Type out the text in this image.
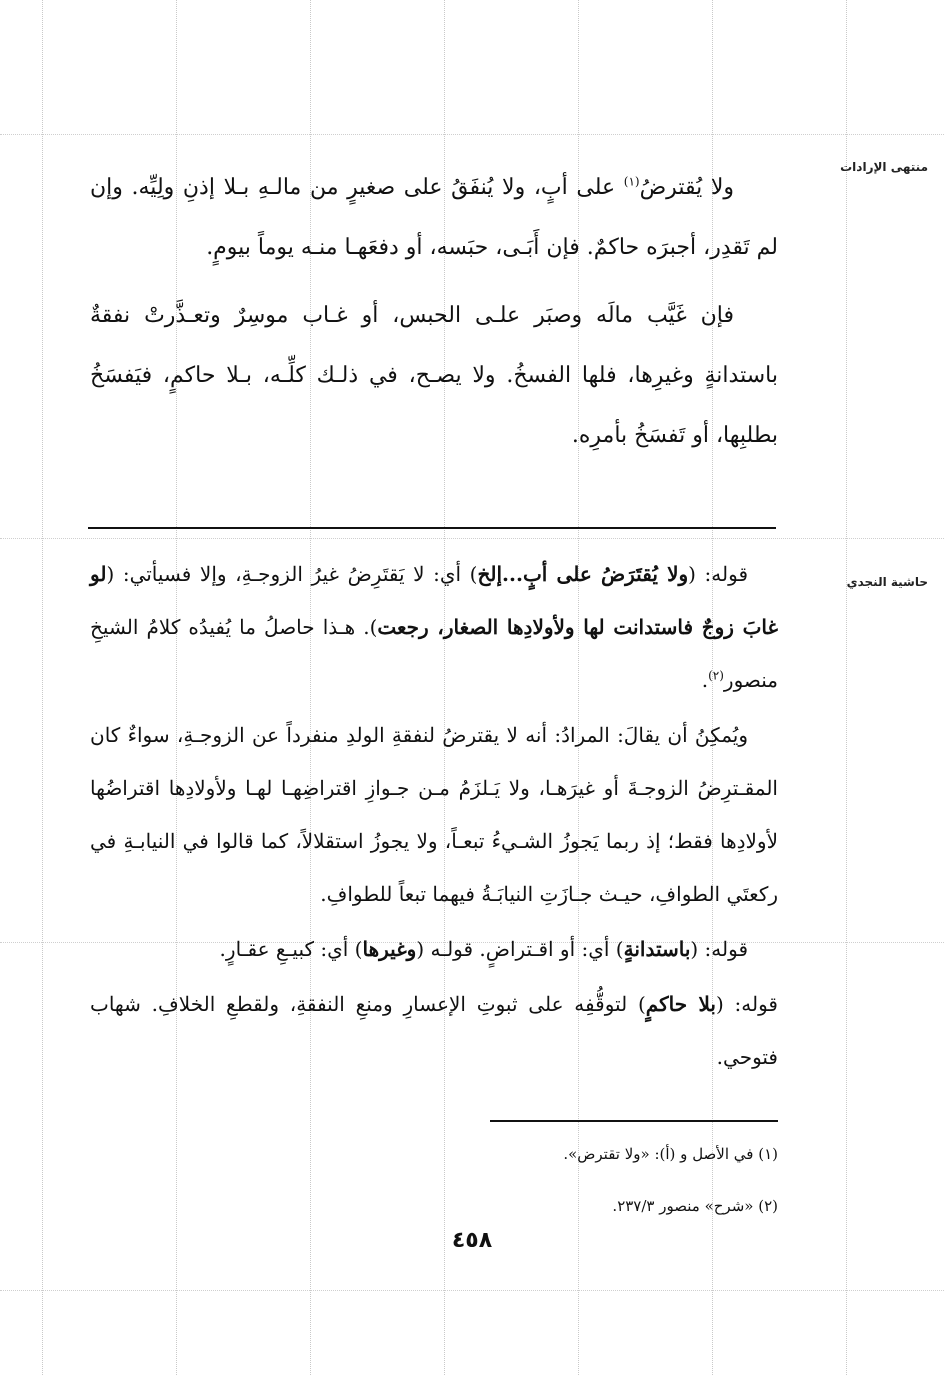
منتهى الإرادات
حاشية النجدي

ولا يُقترضُ$^{(١)}$ على أبٍ، ولا يُنفَقُ على صغيرٍ من مالـهِ بـلا إذنِ ولِيِّه. وإن لم تَقدِر، أجبرَه حاكمٌ. فإن أَبَـى، حبَسه، أو دفعَهـا منـه يوماً بيومٍ.

فإن غَيَّب مالَه وصبَر علـى الحبس، أو غـاب موسِرٌ وتعـذَّرتْ نفقةٌ باستدانةٍ وغيرِها، فلها الفسخُ. ولا يصـح، في ذلـك كلِّـه، بـلا حاكمٍ، فيَفسَخُ بطلبِها، أو تَفسَخُ بأمرِه.

قوله: (ولا يُقتَرَضُ على أبٍ...إلخ) أي: لا يَقتَرِضُ غيرُ الزوجـةِ، وإلا فسيأتي: (لو غابَ زوجٌ فاستدانت لها ولأولادِها الصغار، رجعت). هـذا حاصلُ ما يُفيدُه كلامُ الشيخِ منصور$^{(٢)}$.

ويُمكِنُ أن يقالَ: المرادُ: أنه لا يقترضُ لنفقةِ الولدِ منفرداً عن الزوجـةِ، سواءٌ كان المقـترِضُ الزوجـةَ أو غيرَهـا، ولا يَـلزَمُ مـن جـوازِ اقتراضِهـا لهـا ولأولادِها اقتراضُها لأولادِها فقط؛ إذ ربما يَجوزُ الشـيءُ تبعـاً، ولا يجوزُ استقلالاً، كما قالوا في النيابـةِ في ركعتَي الطوافِ، حيـث جـازَتِ النيابَـةُ فيهما تبعاً للطوافِ.

قوله: (باستدانةٍ) أي: أو اقـتراضٍ. قولـه (وغيرها) أي: كبيـعِ عقـارٍ.

قوله: (بلا حاكمٍ) لتوقُّفِه على ثبوتِ الإعسارِ ومنعِ النفقةِ، ولقطعِ الخلافِ. شهاب فتوحي.

(١) في الأصل و (أ): «ولا تقترض».
(٢) «شرح» منصور ٢٣٧/٣.
٤٥٨
